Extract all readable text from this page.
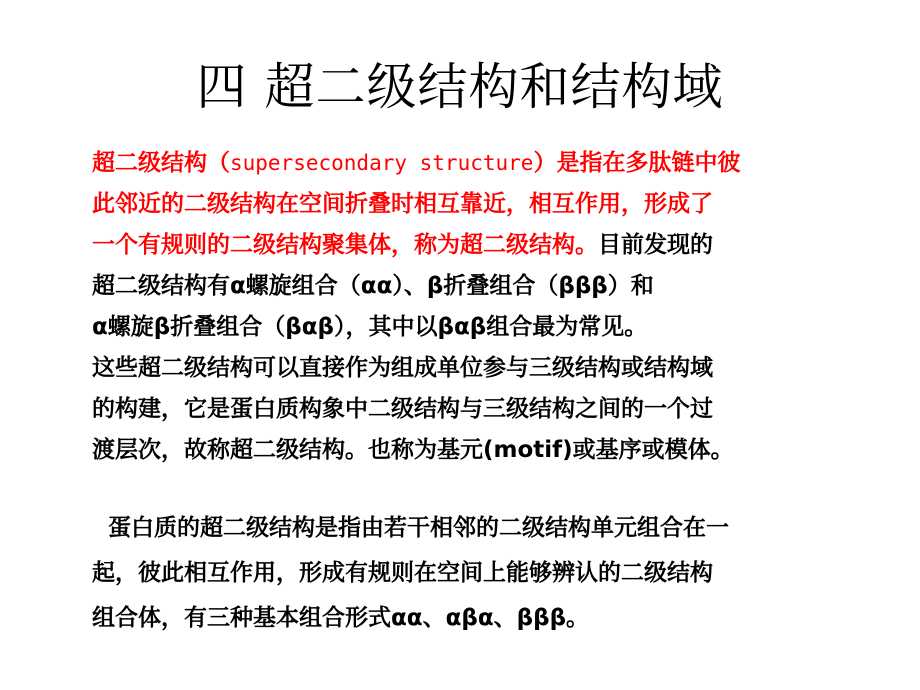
四 超二级结构和结构域
超二级结构（supersecondary structure）是指在多肽链中彼
此邻近的二级结构在空间折叠时相互靠近，相互作用，形成了
一个有规则的二级结构聚集体，称为超二级结构。目前发现的
超二级结构有α螺旋组合（αα）、β折叠组合（βββ）和
α螺旋β折叠组合（βαβ），其中以βαβ组合最为常见。
这些超二级结构可以直接作为组成单位参与三级结构或结构域
的构建，它是蛋白质构象中二级结构与三级结构之间的一个过
渡层次，故称超二级结构。也称为基元(motif)或基序或模体。
蛋白质的超二级结构是指由若干相邻的二级结构单元组合在一
起，彼此相互作用，形成有规则在空间上能够辨认的二级结构
组合体，有三种基本组合形式αα、αβα、βββ。
